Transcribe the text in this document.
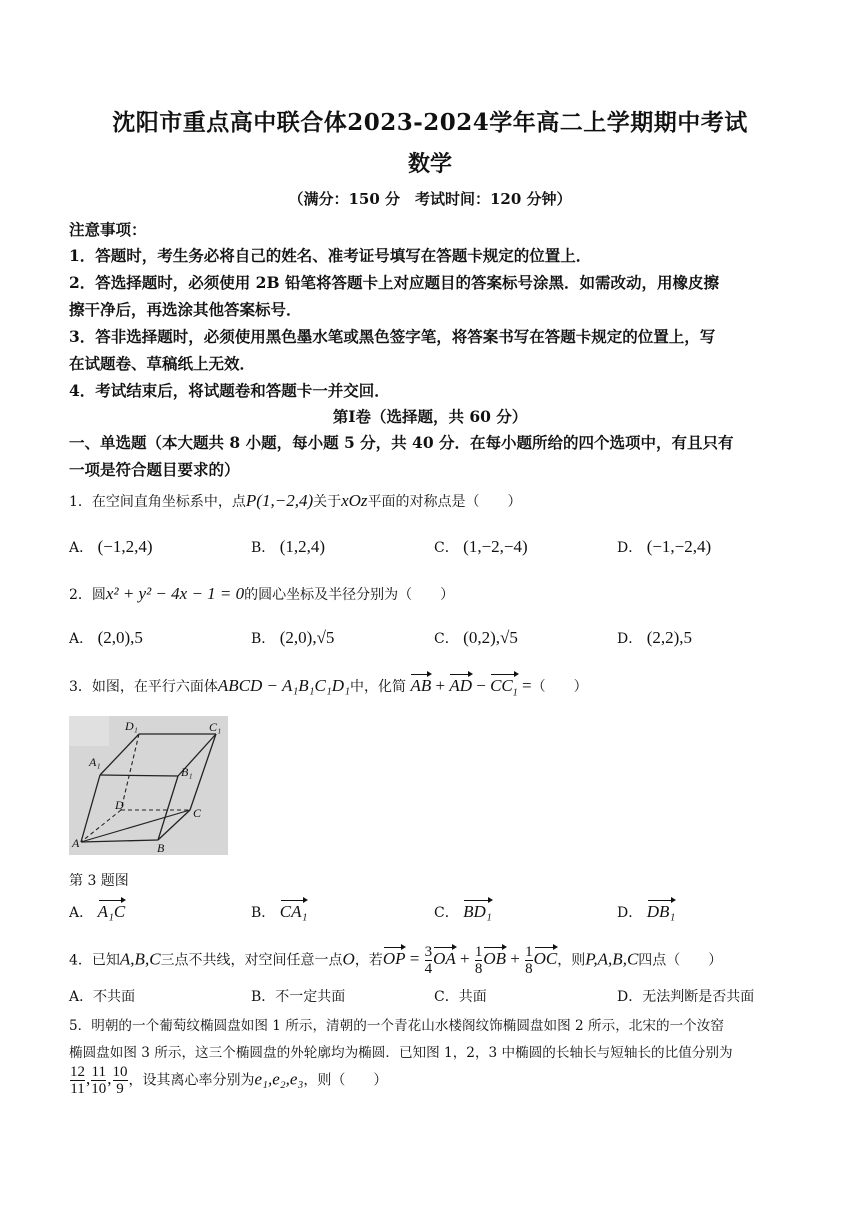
沈阳市重点高中联合体2023-2024学年高二上学期期中考试
数学
（满分：150 分　考试时间：120 分钟）
注意事项：
1．答题时，考生务必将自己的姓名、准考证号填写在答题卡规定的位置上．
2．答选择题时，必须使用 2B 铅笔将答题卡上对应题目的答案标号涂黑．如需改动，用橡皮擦
擦干净后，再选涂其他答案标号．
3．答非选择题时，必须使用黑色墨水笔或黑色签字笔，将答案书写在答题卡规定的位置上，写
在试题卷、草稿纸上无效．
4．考试结束后，将试题卷和答题卡一并交回．
第Ⅰ卷（选择题，共 60 分）
一、单选题（本大题共 8 小题，每小题 5 分，共 40 分．在每小题所给的四个选项中，有且只有
一项是符合题目要求的）
1．在空间直角坐标系中，点P(1,−2,4)关于xOz平面的对称点是（　　）
A． (−1,2,4)	B． (1,2,4)	C． (1,−2,−4)	D． (−1,−2,4)
2．圆x² + y² − 4x − 1 = 0的圆心坐标及半径分别为（　　）
A． (2,0),5	B． (2,0),√5	C． (0,2),√5	D． (2,2),5
3．如图，在平行六面体ABCD − A₁B₁C₁D₁中，化简 AB + AD − $CC_1$ =（　　）
D₁	C₁
A₁
B₁
D
C
A	B
第 3 题图
A． A₁C	B． CA₁	C． BD₁	D． DB₁
4．已知A,B,C三点不共线，对空间任意一点O，若OP = $\frac{3}{4}$ OA + $\frac{1}{8}$ OB + $\frac{1}{8}$ OC，则P,A,B,C四点（　　）
A．不共面	B．不一定共面	C．共面	D．无法判断是否共面
5．明朝的一个葡萄纹椭圆盘如图 1 所示，清朝的一个青花山水楼阁纹饰椭圆盘如图 2 所示，北宋的一个汝窑
椭圆盘如图 3 所示，这三个椭圆盘的外轮廓均为椭圆．已知图 1，2，3 中椭圆的长轴长与短轴长的比值分别为
$\frac{12}{11}$ , $\frac{11}{10}$ , $\frac{10}{9}$ ，设其离心率分别为e₁,e₂,e₃，则（　　）
